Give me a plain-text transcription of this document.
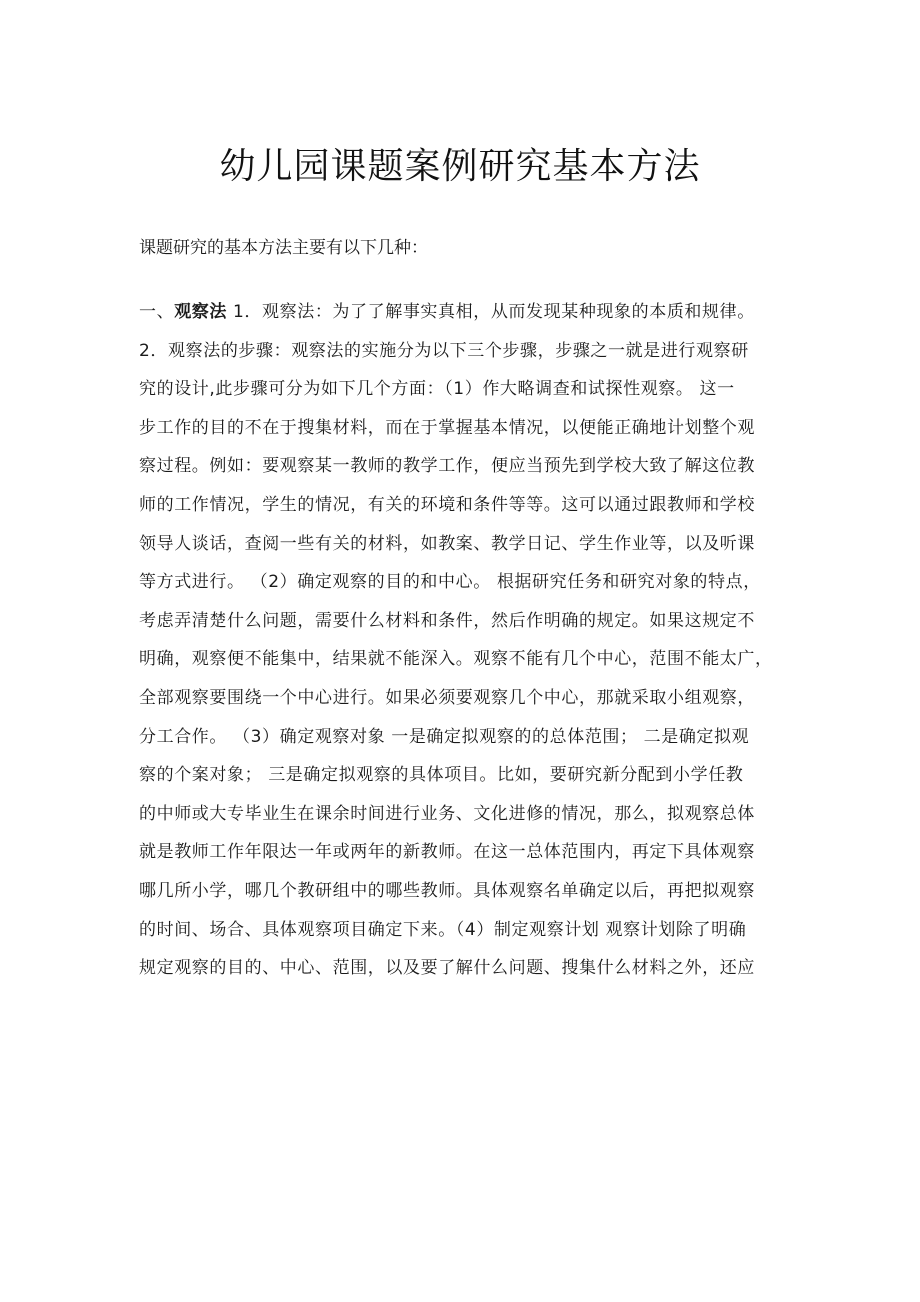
幼儿园课题案例研究基本方法

课题研究的基本方法主要有以下几种：

一、观察法 1．观察法：为了了解事实真相，从而发现某种现象的本质和规律。
2．观察法的步骤：观察法的实施分为以下三个步骤，步骤之一就是进行观察研
究的设计,此步骤可分为如下几个方面：（1）作大略调查和试探性观察。 这一
步工作的目的不在于搜集材料，而在于掌握基本情况，以便能正确地计划整个观
察过程。例如：要观察某一教师的教学工作，便应当预先到学校大致了解这位教
师的工作情况，学生的情况，有关的环境和条件等等。这可以通过跟教师和学校
领导人谈话，查阅一些有关的材料，如教案、教学日记、学生作业等，以及听课
等方式进行。 （2）确定观察的目的和中心。 根据研究任务和研究对象的特点，
考虑弄清楚什么问题，需要什么材料和条件，然后作明确的规定。如果这规定不
明确，观察便不能集中，结果就不能深入。观察不能有几个中心，范围不能太广，
全部观察要围绕一个中心进行。如果必须要观察几个中心，那就采取小组观察，
分工合作。 （3）确定观察对象 一是确定拟观察的的总体范围； 二是确定拟观
察的个案对象； 三是确定拟观察的具体项目。比如，要研究新分配到小学任教
的中师或大专毕业生在课余时间进行业务、文化进修的情况，那么，拟观察总体
就是教师工作年限达一年或两年的新教师。在这一总体范围内，再定下具体观察
哪几所小学，哪几个教研组中的哪些教师。具体观察名单确定以后，再把拟观察
的时间、场合、具体观察项目确定下来。（4）制定观察计划 观察计划除了明确
规定观察的目的、中心、范围，以及要了解什么问题、搜集什么材料之外，还应
